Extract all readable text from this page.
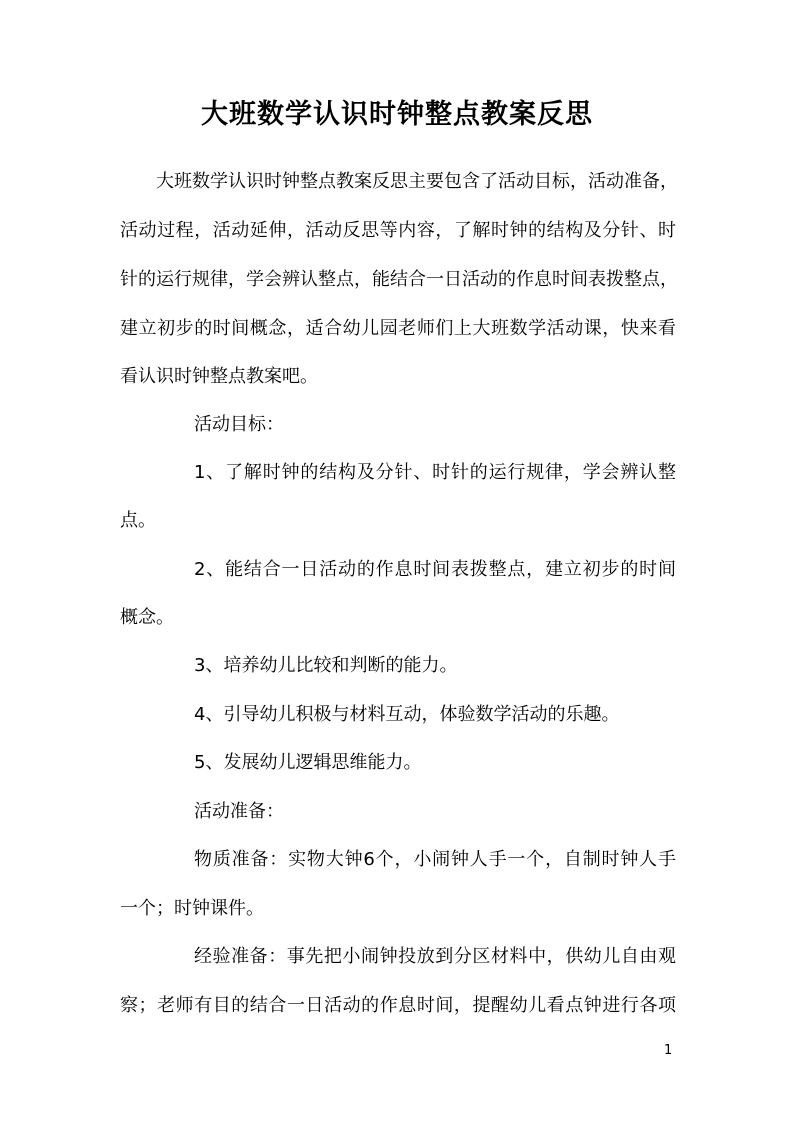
大班数学认识时钟整点教案反思
大班数学认识时钟整点教案反思主要包含了活动目标，活动准备，
活动过程，活动延伸，活动反思等内容，了解时钟的结构及分针、时
针的运行规律，学会辨认整点，能结合一日活动的作息时间表拨整点，
建立初步的时间概念，适合幼儿园老师们上大班数学活动课，快来看
看认识时钟整点教案吧。
活动目标：
1、了解时钟的结构及分针、时针的运行规律，学会辨认整
点。
2、能结合一日活动的作息时间表拨整点，建立初步的时间
概念。
3、培养幼儿比较和判断的能力。
4、引导幼儿积极与材料互动，体验数学活动的乐趣。
5、发展幼儿逻辑思维能力。
活动准备：
物质准备：实物大钟6个，小闹钟人手一个，自制时钟人手
一个；时钟课件。
经验准备：事先把小闹钟投放到分区材料中，供幼儿自由观
察；老师有目的结合一日活动的作息时间，提醒幼儿看点钟进行各项
1
